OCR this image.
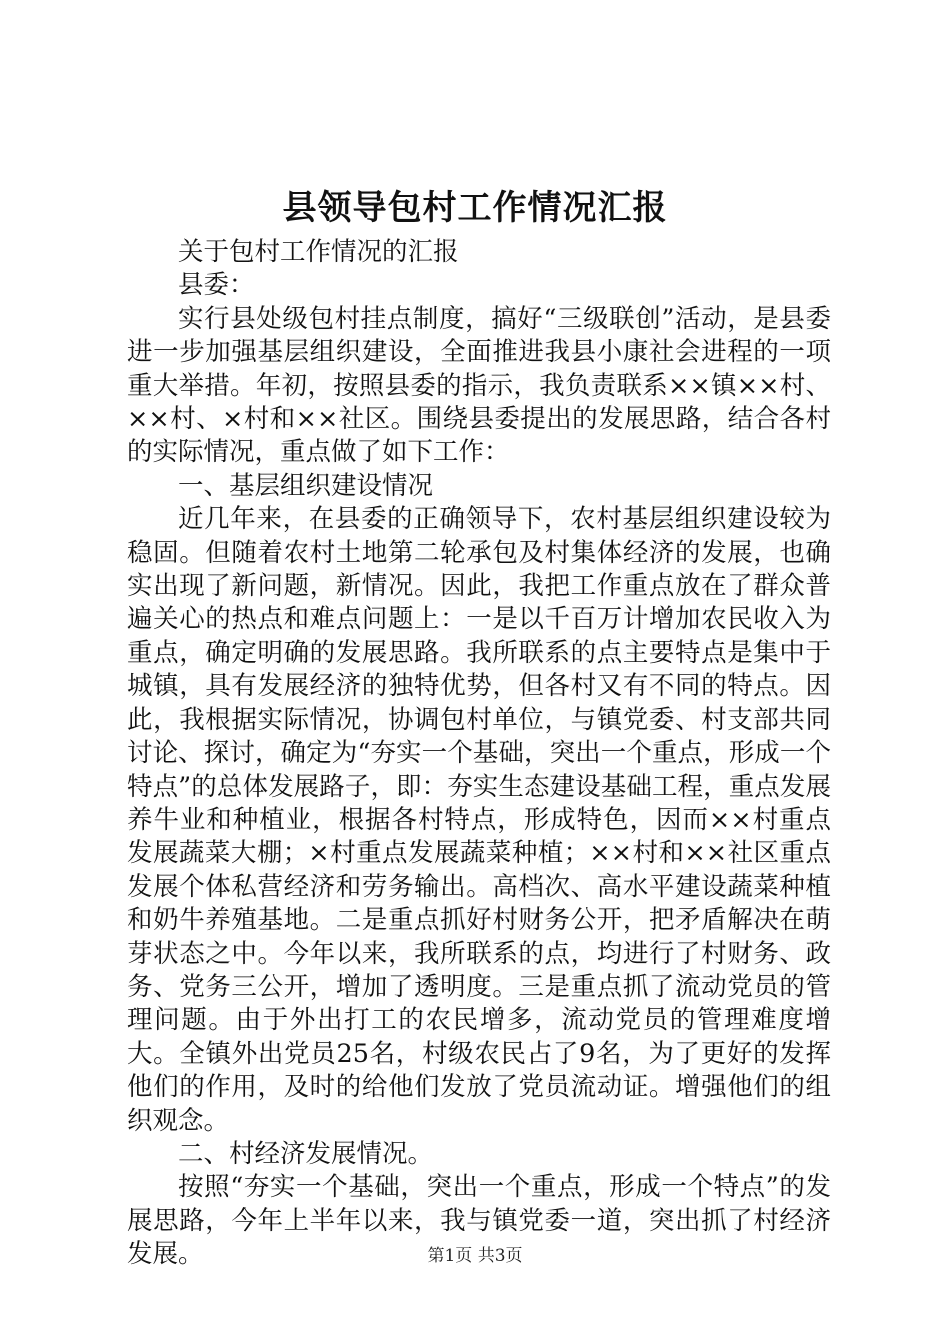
县领导包村工作情况汇报

关于包村工作情况的汇报

县委：

实行县处级包村挂点制度，搞好“三级联创”活动，是县委进一步加强基层组织建设，全面推进我县小康社会进程的一项重大举措。年初，按照县委的指示，我负责联系××镇××村、××村、×村和××社区。围绕县委提出的发展思路，结合各村的实际情况，重点做了如下工作：

一、基层组织建设情况

近几年来，在县委的正确领导下，农村基层组织建设较为稳固。但随着农村土地第二轮承包及村集体经济的发展，也确实出现了新问题，新情况。因此，我把工作重点放在了群众普遍关心的热点和难点问题上：一是以千百万计增加农民收入为重点，确定明确的发展思路。我所联系的点主要特点是集中于城镇，具有发展经济的独特优势，但各村又有不同的特点。因此，我根据实际情况，协调包村单位，与镇党委、村支部共同讨论、探讨，确定为“夯实一个基础，突出一个重点，形成一个特点”的总体发展路子，即：夯实生态建设基础工程，重点发展养牛业和种植业，根据各村特点，形成特色，因而××村重点发展蔬菜大棚；×村重点发展蔬菜种植；××村和××社区重点发展个体私营经济和劳务输出。高档次、高水平建设蔬菜种植和奶牛养殖基地。二是重点抓好村财务公开，把矛盾解决在萌芽状态之中。今年以来，我所联系的点，均进行了村财务、政务、党务三公开，增加了透明度。三是重点抓了流动党员的管理问题。由于外出打工的农民增多，流动党员的管理难度增大。全镇外出党员25名，村级农民占了9名，为了更好的发挥他们的作用，及时的给他们发放了党员流动证。增强他们的组织观念。

二、村经济发展情况。

按照“夯实一个基础，突出一个重点，形成一个特点”的发展思路，今年上半年以来，我与镇党委一道，突出抓了村经济发展。	第1页 共3页
